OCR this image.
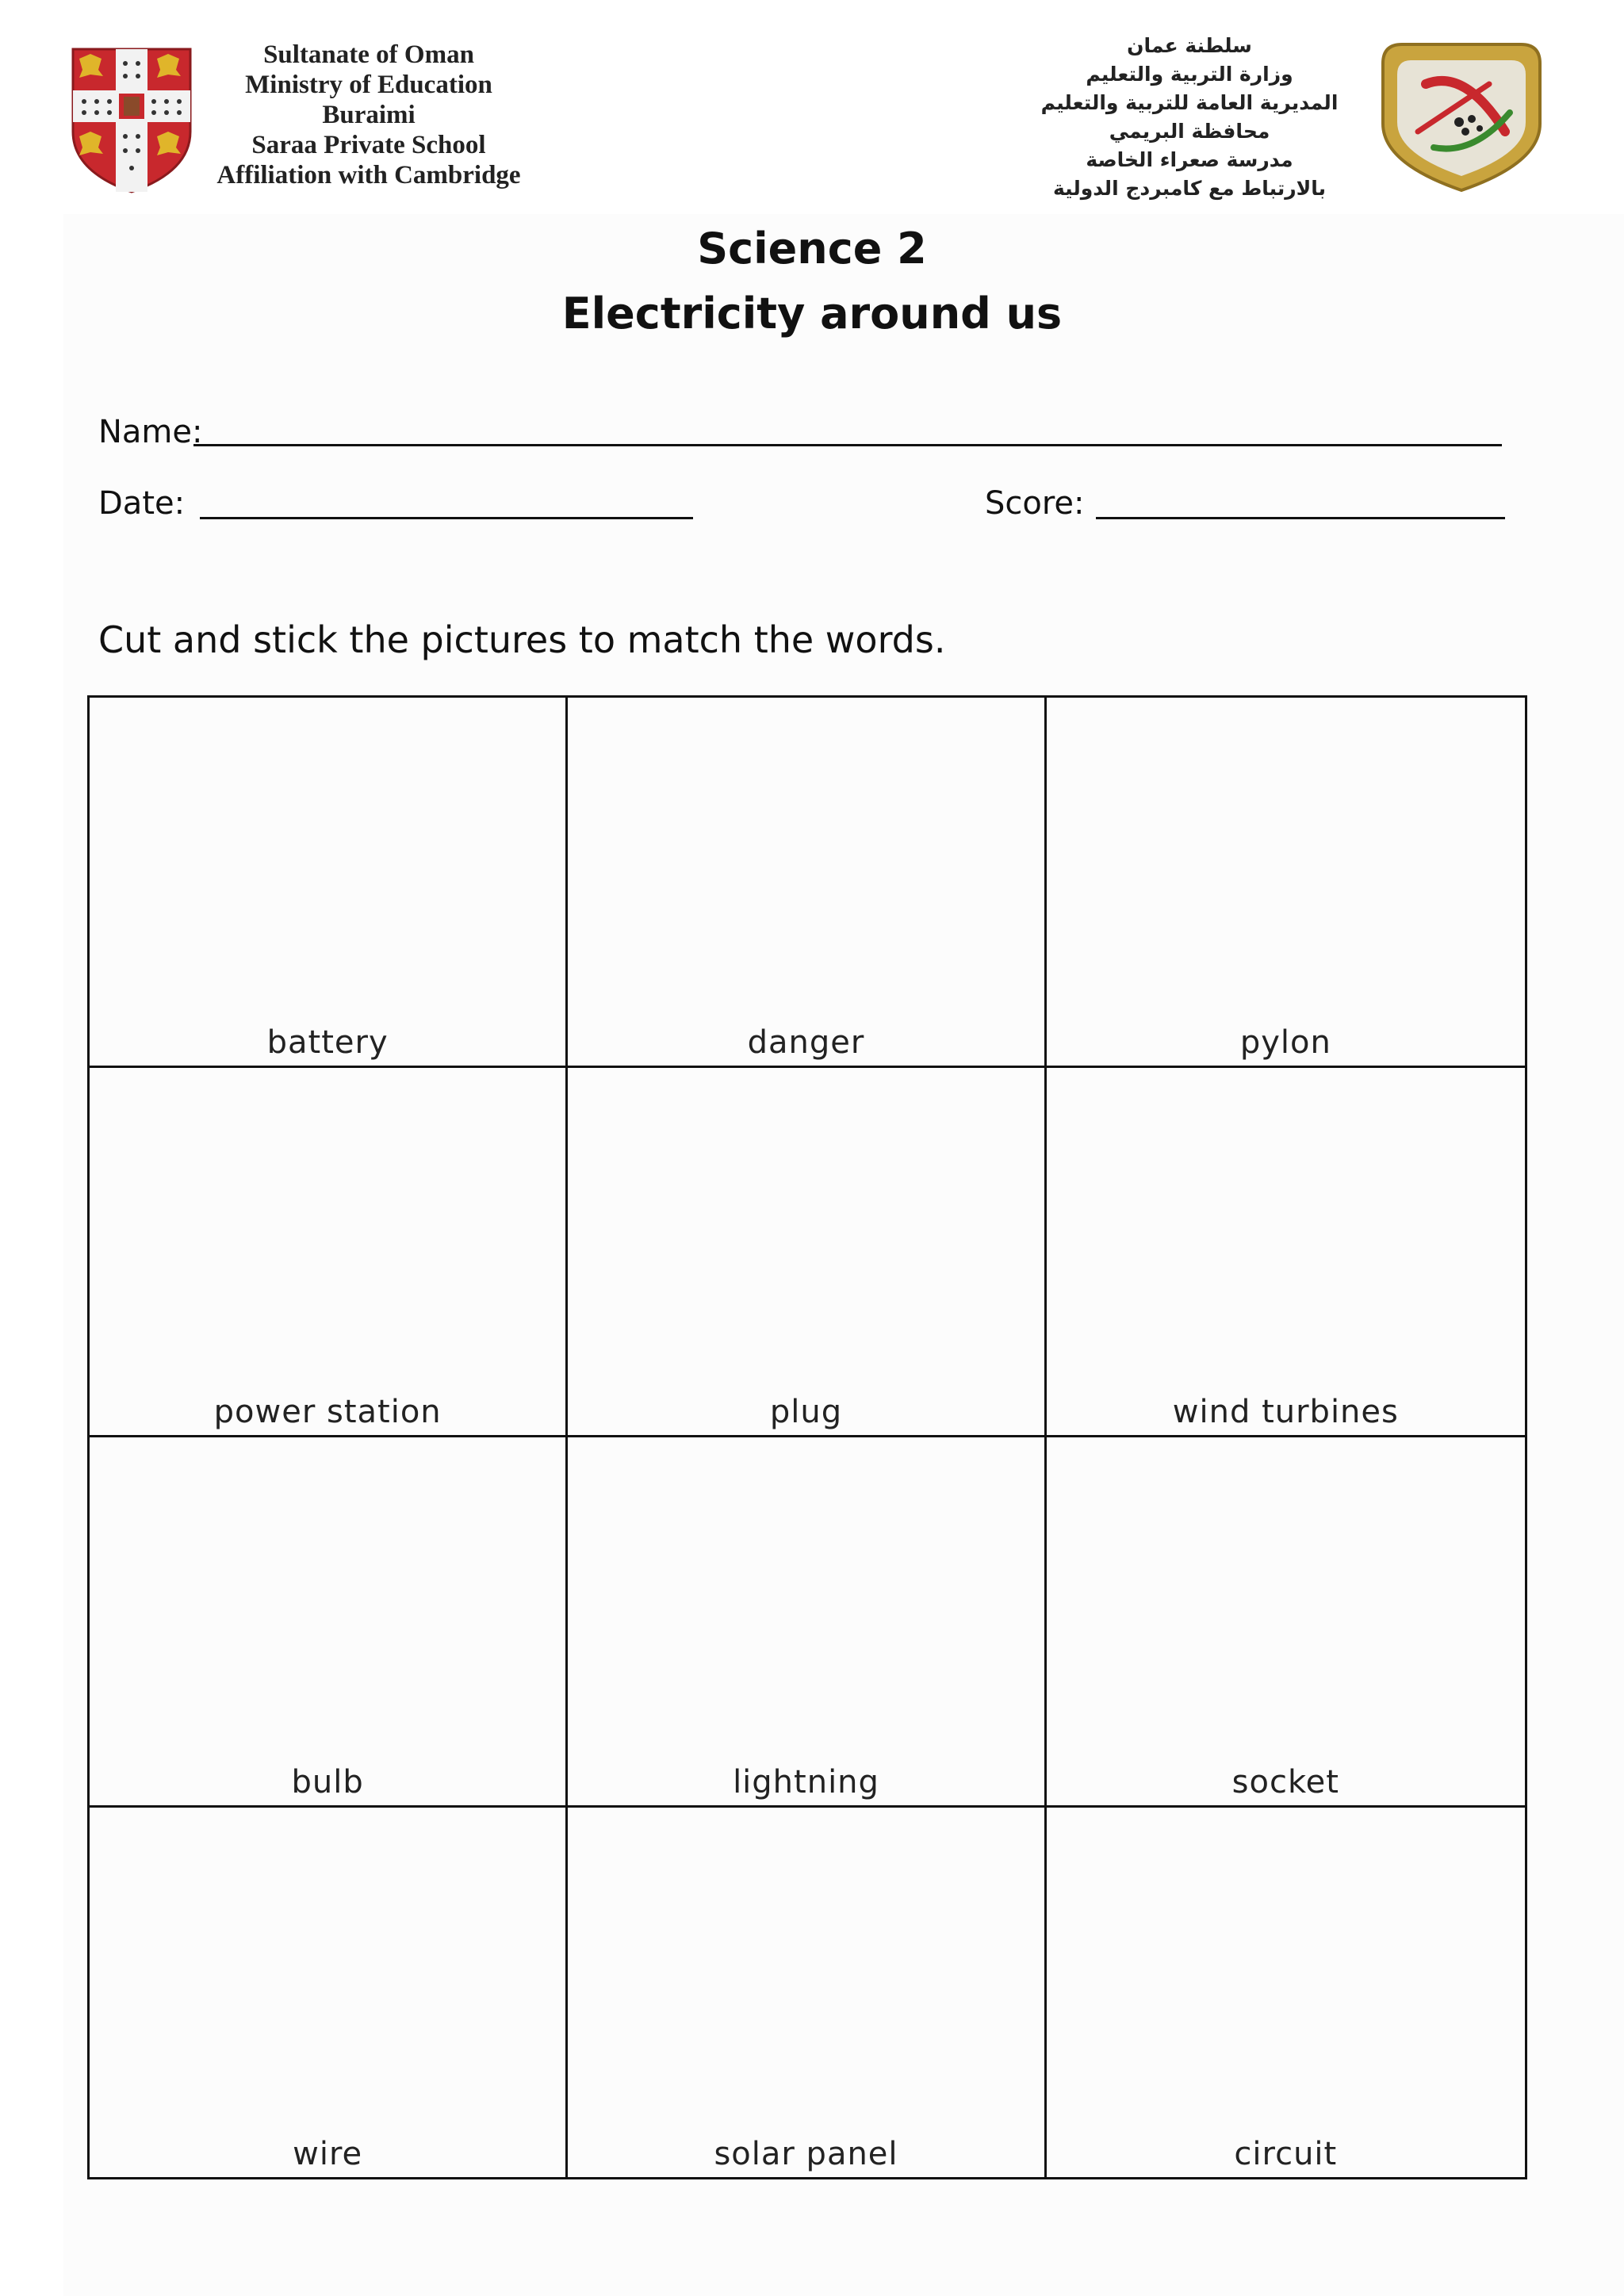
Sultanate of Oman
Ministry of Education
Buraimi
Saraa Private School
Affiliation with Cambridge
سلطنة عمان
وزارة التربية والتعليم
المديرية العامة للتربية والتعليم
محافظة البريمي
مدرسة صعراء الخاصة
بالارتباط مع كامبردج الدولية
Science 2
Electricity around us
Name:
Date:	Score:
Cut and stick the pictures to match the words.
battery	danger	pylon
power station	plug	wind turbines
bulb	lightning	socket
wire	solar panel	circuit
